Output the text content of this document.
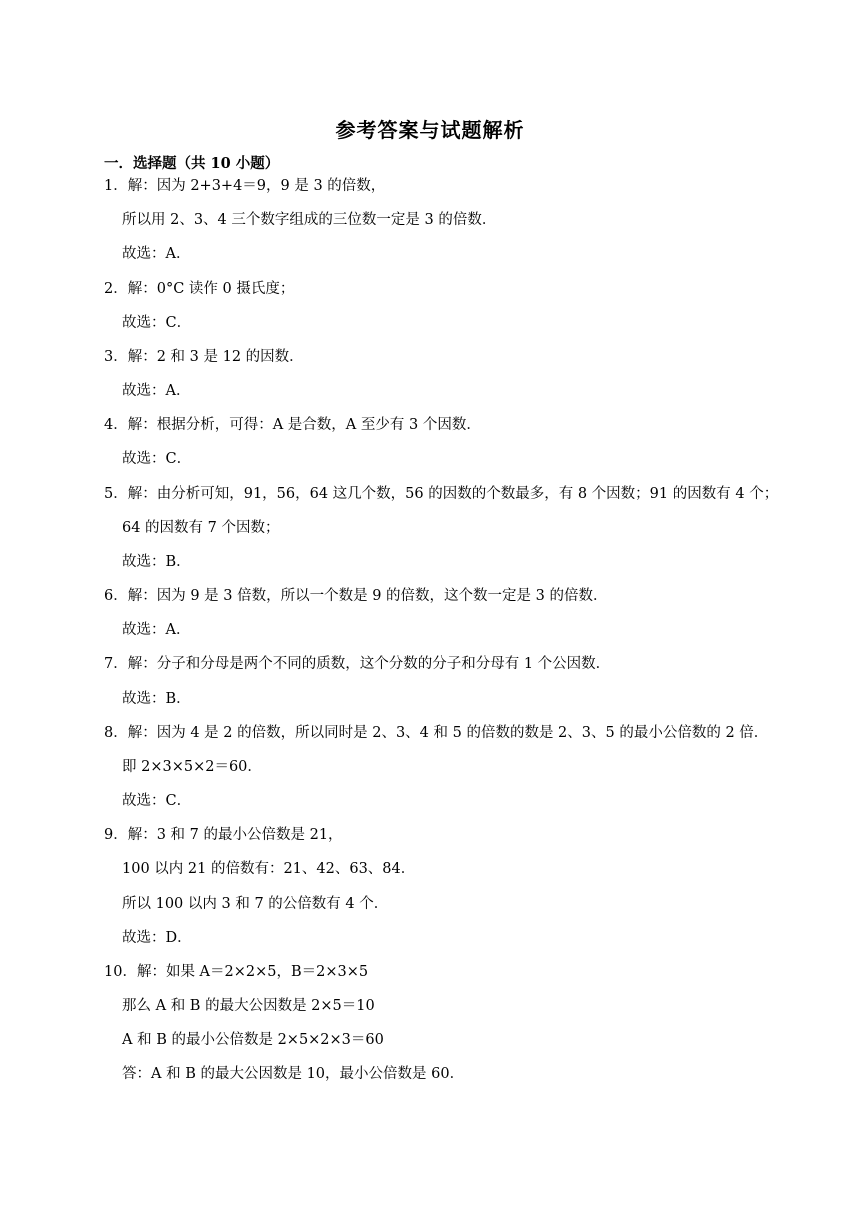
参考答案与试题解析
一．选择题（共 10 小题）
1．解：因为 2+3+4＝9，9 是 3 的倍数，
所以用 2、3、4 三个数字组成的三位数一定是 3 的倍数．
故选：A．
2．解：0°C 读作 0 摄氏度；
故选：C．
3．解：2 和 3 是 12 的因数．
故选：A．
4．解：根据分析，可得：A 是合数，A 至少有 3 个因数．
故选：C．
5．解：由分析可知，91，56，64 这几个数，56 的因数的个数最多，有 8 个因数；91 的因数有 4 个；
64 的因数有 7 个因数；
故选：B．
6．解：因为 9 是 3 倍数，所以一个数是 9 的倍数，这个数一定是 3 的倍数．
故选：A．
7．解：分子和分母是两个不同的质数，这个分数的分子和分母有 1 个公因数．
故选：B．
8．解：因为 4 是 2 的倍数，所以同时是 2、3、4 和 5 的倍数的数是 2、3、5 的最小公倍数的 2 倍．
即 2×3×5×2＝60．
故选：C．
9．解：3 和 7 的最小公倍数是 21，
100 以内 21 的倍数有：21、42、63、84．
所以 100 以内 3 和 7 的公倍数有 4 个．
故选：D．
10．解：如果 A＝2×2×5，B＝2×3×5
那么 A 和 B 的最大公因数是 2×5＝10
A 和 B 的最小公倍数是 2×5×2×3＝60
答：A 和 B 的最大公因数是 10，最小公倍数是 60．
